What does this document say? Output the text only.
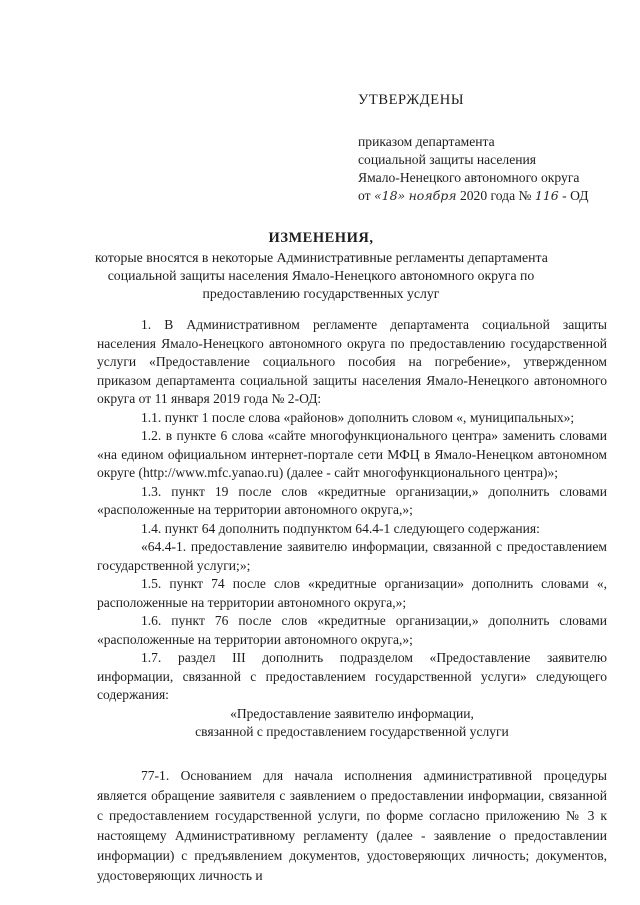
УТВЕРЖДЕНЫ
приказом департамента
социальной защиты населения
Ямало-Ненецкого автономного округа
от «18» ноября 2020 года № 116 - ОД
ИЗМЕНЕНИЯ,
которые вносятся в некоторые Административные регламенты департамента
социальной защиты населения Ямало-Ненецкого автономного округа по
предоставлению государственных услуг

1. В Административном регламенте департамента социальной защиты населения Ямало-Ненецкого автономного округа по предоставлению государственной услуги «Предоставление социального пособия на погребение», утвержденном приказом департамента социальной защиты населения Ямало-Ненецкого автономного округа от 11 января 2019 года № 2-ОД:

1.1. пункт 1 после слова «районов» дополнить словом «, муниципальных»;

1.2. в пункте 6 слова «сайте многофункционального центра» заменить словами «на едином официальном интернет-портале сети МФЦ в Ямало-Ненецком автономном округе (http://www.mfc.yanao.ru) (далее - сайт многофункционального центра)»;

1.3. пункт 19 после слов «кредитные организации,» дополнить словами «расположенные на территории автономного округа,»;

1.4. пункт 64 дополнить подпунктом 64.4-1 следующего содержания:

«64.4-1. предоставление заявителю информации, связанной с предоставлением государственной услуги;»;

1.5. пункт 74 после слов «кредитные организации» дополнить словами «, расположенные на территории автономного округа,»;

1.6. пункт 76 после слов «кредитные организации,» дополнить словами «расположенные на территории автономного округа,»;

1.7. раздел III дополнить подразделом «Предоставление заявителю информации, связанной с предоставлением государственной услуги» следующего содержания:

«Предоставление заявителю информации,

связанной с предоставлением государственной услуги

77-1. Основанием для начала исполнения административной процедуры является обращение заявителя с заявлением о предоставлении информации, связанной с предоставлением государственной услуги, по форме согласно приложению № 3 к настоящему Административному регламенту (далее - заявление о предоставлении информации) с предъявлением документов, удостоверяющих личность; документов, удостоверяющих личность и
